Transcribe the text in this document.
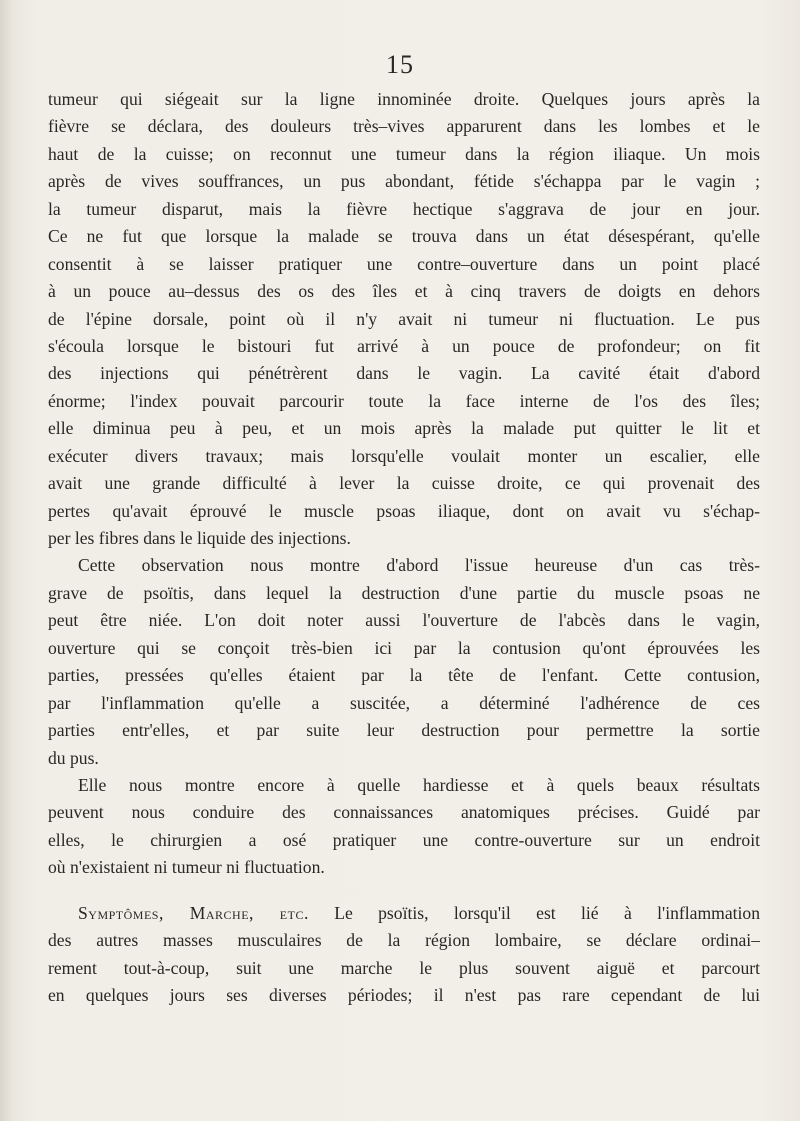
15
tumeur qui siégeait sur la ligne innominée droite. Quelques jours après la
fièvre se déclara, des douleurs très–vives apparurent dans les lombes et le
haut de la cuisse; on reconnut une tumeur dans la région iliaque. Un mois
après de vives souffrances, un pus abondant, fétide s'échappa par le vagin ;
la tumeur disparut, mais la fièvre hectique s'aggrava de jour en jour.
Ce ne fut que lorsque la malade se trouva dans un état désespérant, qu'elle
consentit à se laisser pratiquer une contre–ouverture dans un point placé
à un pouce au–dessus des os des îles et à cinq travers de doigts en dehors
de l'épine dorsale, point où il n'y avait ni tumeur ni fluctuation. Le pus
s'écoula lorsque le bistouri fut arrivé à un pouce de profondeur; on fit
des injections qui pénétrèrent dans le vagin. La cavité était d'abord
énorme; l'index pouvait parcourir toute la face interne de l'os des îles;
elle diminua peu à peu, et un mois après la malade put quitter le lit et
exécuter divers travaux; mais lorsqu'elle voulait monter un escalier, elle
avait une grande difficulté à lever la cuisse droite, ce qui provenait des
pertes qu'avait éprouvé le muscle psoas iliaque, dont on avait vu s'échap-
per les fibres dans le liquide des injections.
Cette observation nous montre d'abord l'issue heureuse d'un cas très-
grave de psoïtis, dans lequel la destruction d'une partie du muscle psoas ne
peut être niée. L'on doit noter aussi l'ouverture de l'abcès dans le vagin,
ouverture qui se conçoit très-bien ici par la contusion qu'ont éprouvées les
parties, pressées qu'elles étaient par la tête de l'enfant. Cette contusion,
par l'inflammation qu'elle a suscitée, a déterminé l'adhérence de ces
parties entr'elles, et par suite leur destruction pour permettre la sortie
du pus.
Elle nous montre encore à quelle hardiesse et à quels beaux résultats
peuvent nous conduire des connaissances anatomiques précises. Guidé par
elles, le chirurgien a osé pratiquer une contre-ouverture sur un endroit
où n'existaient ni tumeur ni fluctuation.
Symptômes, Marche, etc. Le psoïtis, lorsqu'il est lié à l'inflammation
des autres masses musculaires de la région lombaire, se déclare ordinai–
rement tout-à-coup, suit une marche le plus souvent aiguë et parcourt
en quelques jours ses diverses périodes; il n'est pas rare cependant de lui
